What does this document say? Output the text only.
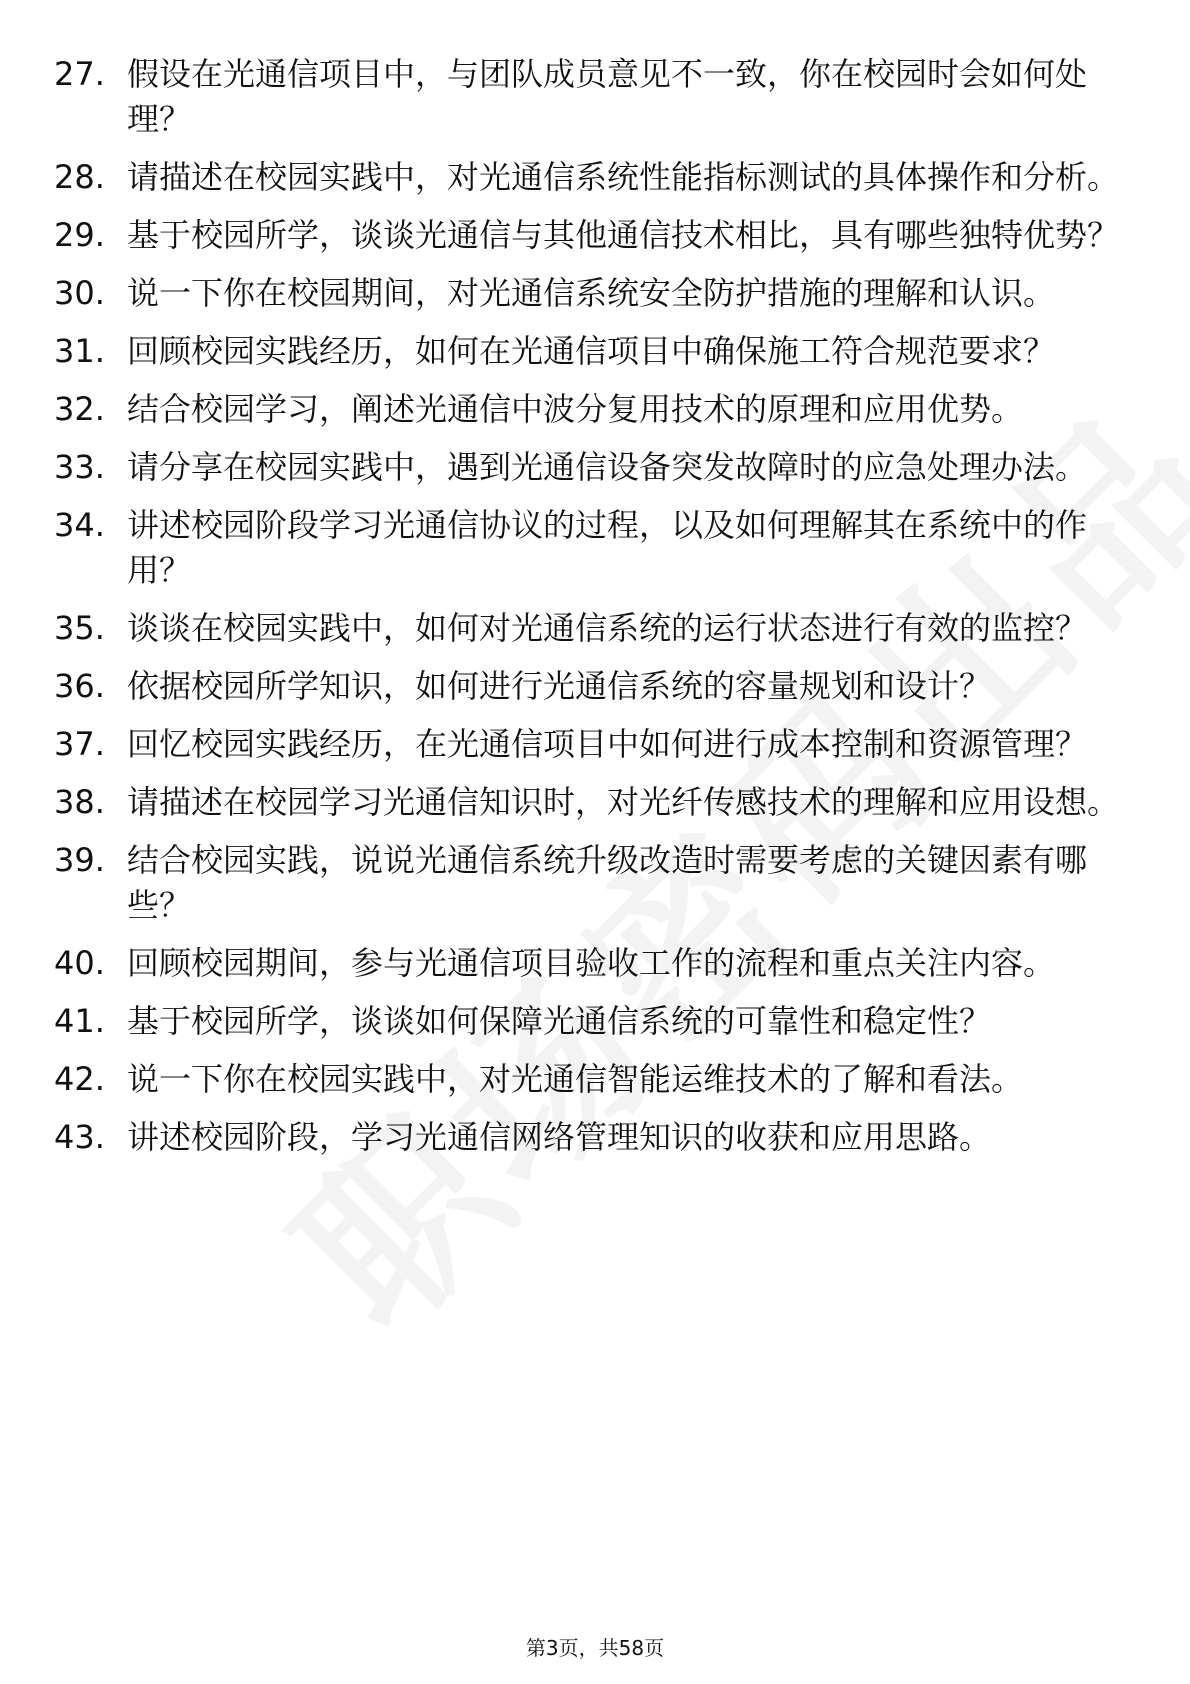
27. 假设在光通信项目中，与团队成员意见不一致，你在校园时会如何处理？
28. 请描述在校园实践中，对光通信系统性能指标测试的具体操作和分析。
29. 基于校园所学，谈谈光通信与其他通信技术相比，具有哪些独特优势？
30. 说一下你在校园期间，对光通信系统安全防护措施的理解和认识。
31. 回顾校园实践经历，如何在光通信项目中确保施工符合规范要求？
32. 结合校园学习，阐述光通信中波分复用技术的原理和应用优势。
33. 请分享在校园实践中，遇到光通信设备突发故障时的应急处理办法。
34. 讲述校园阶段学习光通信协议的过程，以及如何理解其在系统中的作用？
35. 谈谈在校园实践中，如何对光通信系统的运行状态进行有效的监控？
36. 依据校园所学知识，如何进行光通信系统的容量规划和设计？
37. 回忆校园实践经历，在光通信项目中如何进行成本控制和资源管理？
38. 请描述在校园学习光通信知识时，对光纤传感技术的理解和应用设想。
39. 结合校园实践，说说光通信系统升级改造时需要考虑的关键因素有哪些？
40. 回顾校园期间，参与光通信项目验收工作的流程和重点关注内容。
41. 基于校园所学，谈谈如何保障光通信系统的可靠性和稳定性？
42. 说一下你在校园实践中，对光通信智能运维技术的了解和看法。
43. 讲述校园阶段，学习光通信网络管理知识的收获和应用思路。
第3页，共58页
